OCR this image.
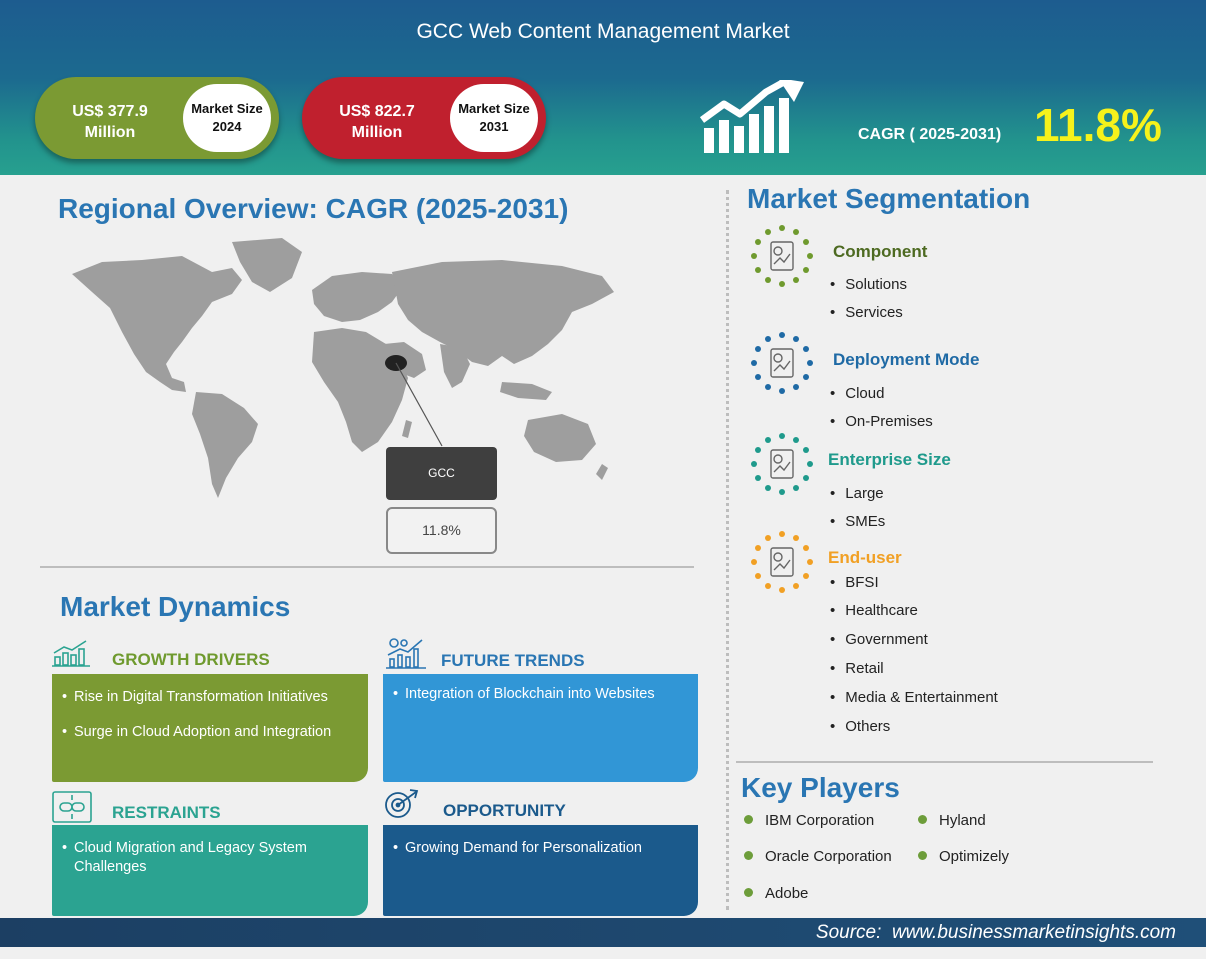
GCC Web Content Management Market
US$ 377.9 Million
Market Size 2024
US$ 822.7 Million
Market Size 2031	CAGR ( 2025-2031) 11.8%
Regional Overview: CAGR (2025-2031)
GCC
11.8%
Market Dynamics
GROWTH DRIVERS
• Rise in Digital Transformation Initiatives
• Surge in Cloud Adoption and Integration
FUTURE TRENDS
• Integration of Blockchain into Websites
RESTRAINTS
• Cloud Migration and Legacy System Challenges
OPPORTUNITY
• Growing Demand for Personalization
Market Segmentation
Component
• Solutions
• Services
Deployment Mode
• Cloud
• On-Premises
Enterprise Size
• Large
• SMEs
End-user
• BFSI
• Healthcare
• Government
• Retail
• Media & Entertainment
• Others
Key Players
IBM Corporation	Hyland
Oracle Corporation	Optimizely
Adobe
Source:  www.businessmarketinsights.com
